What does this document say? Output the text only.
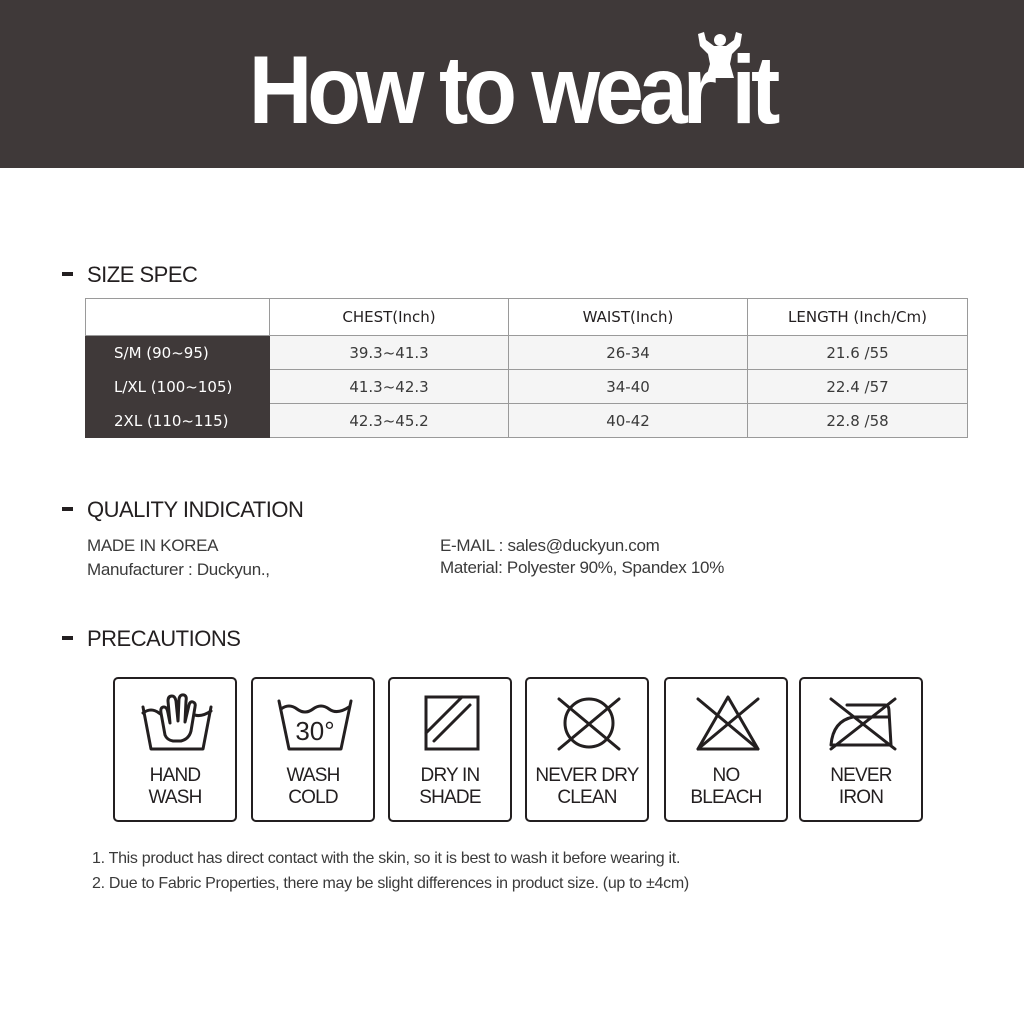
How to wear it
SIZE SPEC
	CHEST(Inch)	WAIST(Inch)	LENGTH (Inch/Cm)
S/M (90~95)	39.3~41.3	26-34	21.6 /55
L/XL (100~105)	41.3~42.3	34-40	22.4 /57
2XL (110~115)	42.3~45.2	40-42	22.8 /58
QUALITY INDICATION
MADE IN KOREA
Manufacturer : Duckyun.,
E-MAIL : sales@duckyun.com
Material: Polyester 90%, Spandex 10%
PRECAUTIONS
HAND
WASH
30°
WASH
COLD
DRY IN
SHADE
NEVER DRY
CLEAN
NO
BLEACH
NEVER
IRON
1. This product has direct contact with the skin, so it is best to wash it before wearing it.
2. Due to Fabric Properties, there may be slight differences in product size. (up to ±4cm)
